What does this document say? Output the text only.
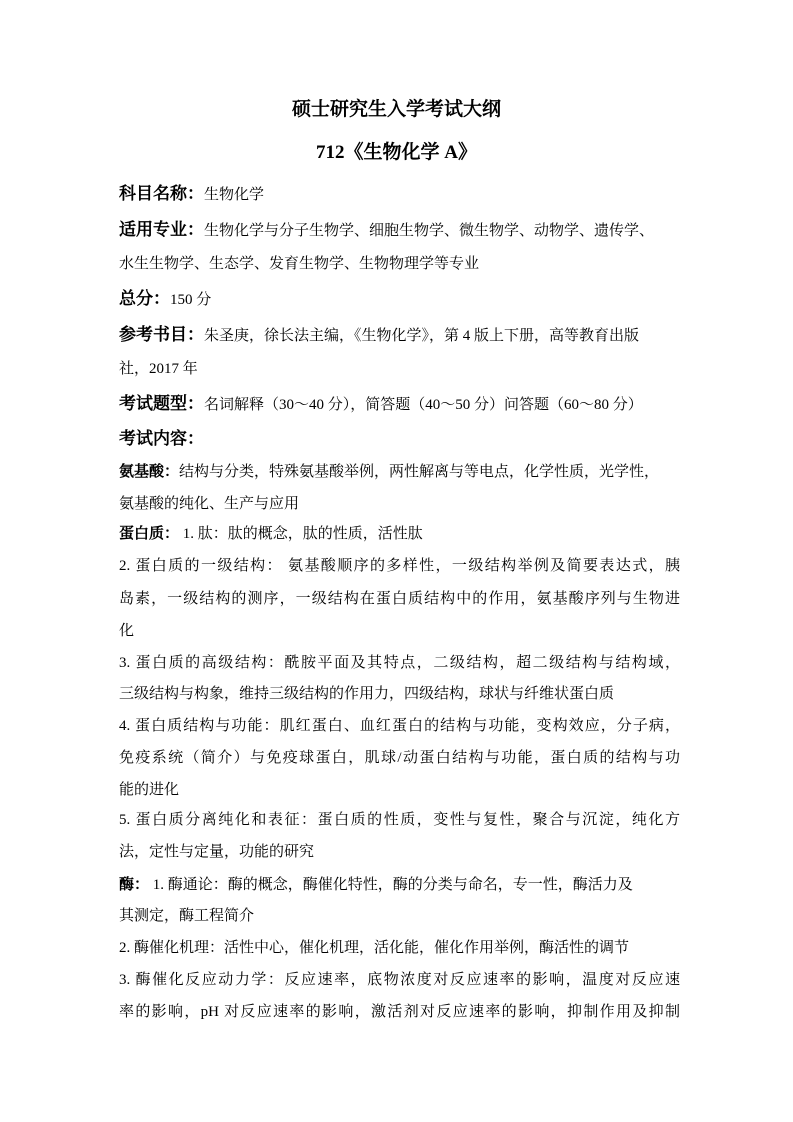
硕士研究生入学考试大纲
712《生物化学 A》
科目名称：生物化学
适用专业：生物化学与分子生物学、细胞生物学、微生物学、动物学、遗传学、
水生生物学、生态学、发育生物学、生物物理学等专业
总分：150 分
参考书目：朱圣庚，徐长法主编，《生物化学》，第 4 版上下册，高等教育出版
社，2017 年
考试题型：名词解释（30～40 分），简答题（40～50 分）问答题（60～80 分）
考试内容：
氨基酸：结构与分类，特殊氨基酸举例，两性解离与等电点，化学性质，光学性，
氨基酸的纯化、生产与应用
蛋白质： 1. 肽：肽的概念，肽的性质，活性肽
2. 蛋白质的一级结构： 氨基酸顺序的多样性，一级结构举例及简要表达式，胰
岛素，一级结构的测序，一级结构在蛋白质结构中的作用，氨基酸序列与生物进
化
3. 蛋白质的高级结构：酰胺平面及其特点，二级结构，超二级结构与结构域，
三级结构与构象，维持三级结构的作用力，四级结构，球状与纤维状蛋白质
4. 蛋白质结构与功能：肌红蛋白、血红蛋白的结构与功能，变构效应，分子病，
免疫系统（简介）与免疫球蛋白，肌球/动蛋白结构与功能，蛋白质的结构与功
能的进化
5. 蛋白质分离纯化和表征：蛋白质的性质，变性与复性，聚合与沉淀，纯化方
法，定性与定量，功能的研究
酶： 1. 酶通论：酶的概念，酶催化特性，酶的分类与命名，专一性，酶活力及
其测定，酶工程简介
2. 酶催化机理：活性中心，催化机理，活化能，催化作用举例，酶活性的调节
3. 酶催化反应动力学：反应速率，底物浓度对反应速率的影响，温度对反应速
率的影响，pH 对反应速率的影响，激活剂对反应速率的影响，抑制作用及抑制
